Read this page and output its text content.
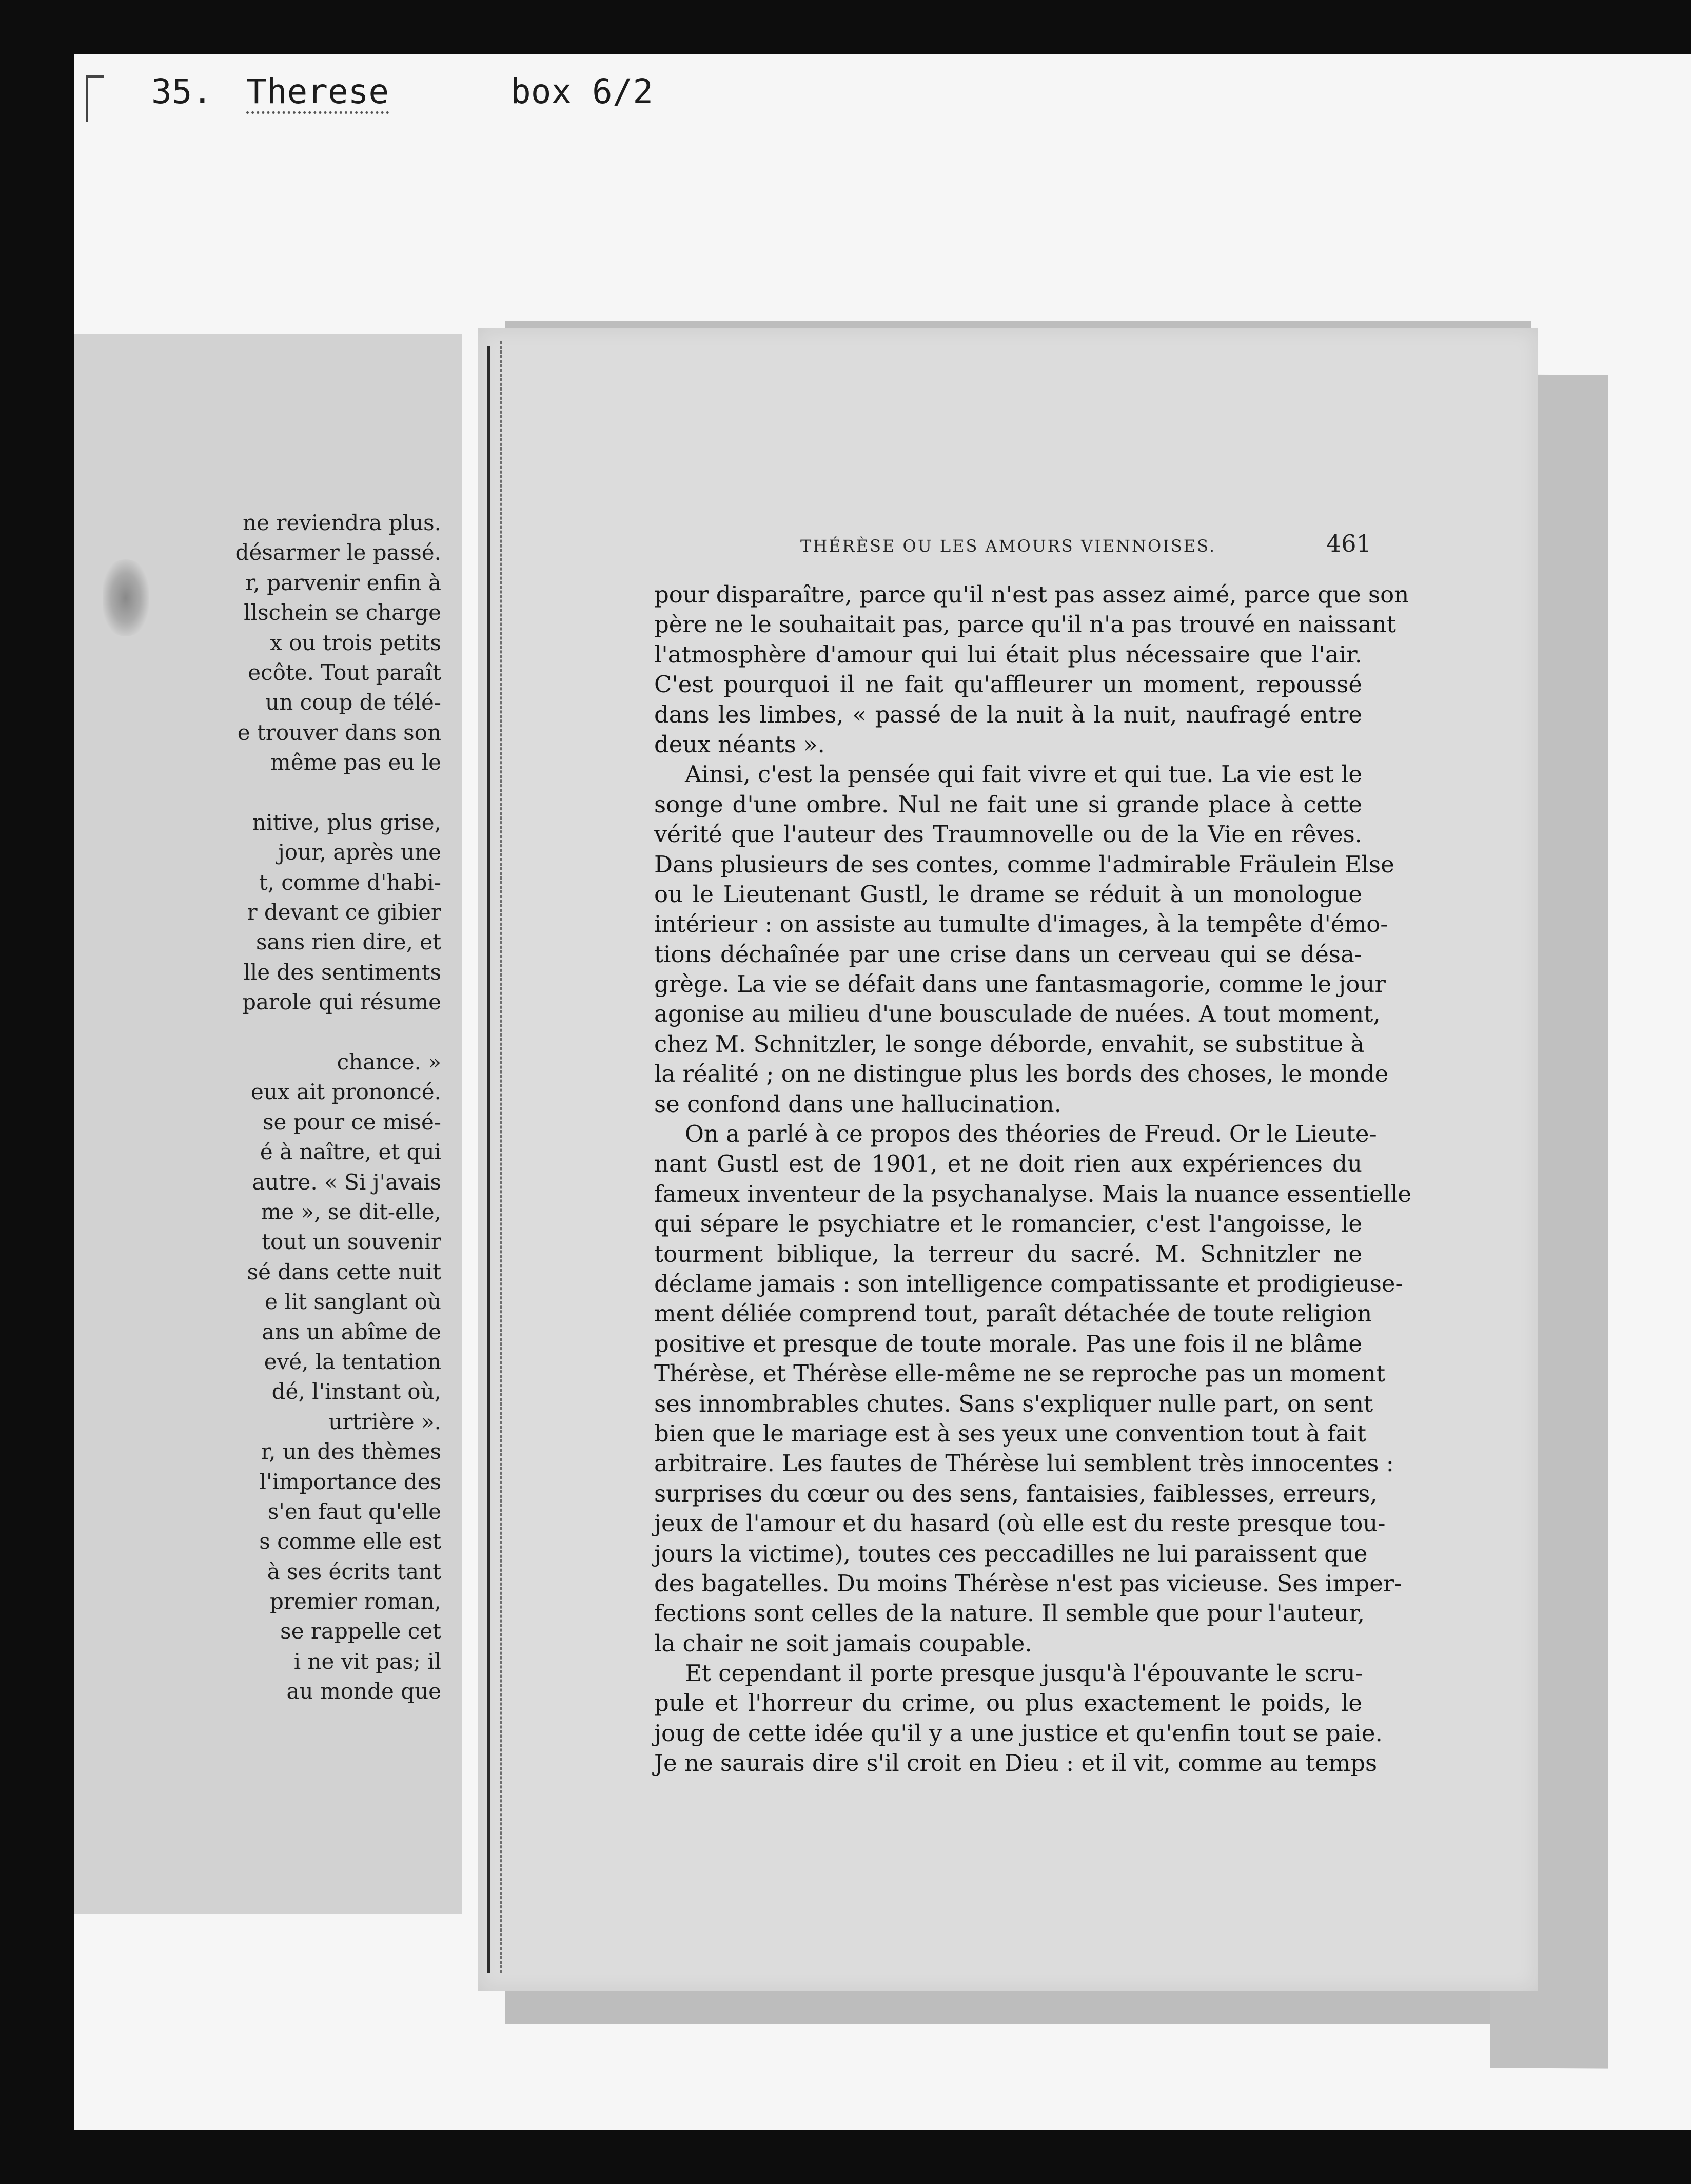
35. Therese	box 6/2
ne reviendra plus.
désarmer le passé.
r, parvenir enfin à
llschein se charge
x ou trois petits
ecôte. Tout paraît
un coup de télé-
e trouver dans son
même pas eu le
nitive, plus grise,
jour, après une
t, comme d'habi-
r devant ce gibier
sans rien dire, et
lle des sentiments
parole qui résume
chance. »
eux ait prononcé.
se pour ce misé-
é à naître, et qui
autre. « Si j'avais
me », se dit-elle,
tout un souvenir
sé dans cette nuit
e lit sanglant où
ans un abîme de
evé, la tentation
dé, l'instant où,
urtrière ».
r, un des thèmes
l'importance des
s'en faut qu'elle
s comme elle est
à ses écrits tant
premier roman,
se rappelle cet
i ne vit pas; il
au monde que
THÉRÈSE OU LES AMOURS VIENNOISES.	461
pour disparaître, parce qu'il n'est pas assez aimé, parce que son
père ne le souhaitait pas, parce qu'il n'a pas trouvé en naissant
l'atmosphère d'amour qui lui était plus nécessaire que l'air.
C'est pourquoi il ne fait qu'affleurer un moment, repoussé
dans les limbes, « passé de la nuit à la nuit, naufragé entre
deux néants ».
Ainsi, c'est la pensée qui fait vivre et qui tue. La vie est le
songe d'une ombre. Nul ne fait une si grande place à cette
vérité que l'auteur des Traumnovelle ou de la Vie en rêves.
Dans plusieurs de ses contes, comme l'admirable Fräulein Else
ou le Lieutenant Gustl, le drame se réduit à un monologue
intérieur : on assiste au tumulte d'images, à la tempête d'émo-
tions déchaînée par une crise dans un cerveau qui se désa-
grège. La vie se défait dans une fantasmagorie, comme le jour
agonise au milieu d'une bousculade de nuées. A tout moment,
chez M. Schnitzler, le songe déborde, envahit, se substitue à
la réalité ; on ne distingue plus les bords des choses, le monde
se confond dans une hallucination.
On a parlé à ce propos des théories de Freud. Or le Lieute-
nant Gustl est de 1901, et ne doit rien aux expériences du
fameux inventeur de la psychanalyse. Mais la nuance essentielle
qui sépare le psychiatre et le romancier, c'est l'angoisse, le
tourment biblique, la terreur du sacré. M. Schnitzler ne
déclame jamais : son intelligence compatissante et prodigieuse-
ment déliée comprend tout, paraît détachée de toute religion
positive et presque de toute morale. Pas une fois il ne blâme
Thérèse, et Thérèse elle-même ne se reproche pas un moment
ses innombrables chutes. Sans s'expliquer nulle part, on sent
bien que le mariage est à ses yeux une convention tout à fait
arbitraire. Les fautes de Thérèse lui semblent très innocentes :
surprises du cœur ou des sens, fantaisies, faiblesses, erreurs,
jeux de l'amour et du hasard (où elle est du reste presque tou-
jours la victime), toutes ces peccadilles ne lui paraissent que
des bagatelles. Du moins Thérèse n'est pas vicieuse. Ses imper-
fections sont celles de la nature. Il semble que pour l'auteur,
la chair ne soit jamais coupable.
Et cependant il porte presque jusqu'à l'épouvante le scru-
pule et l'horreur du crime, ou plus exactement le poids, le
joug de cette idée qu'il y a une justice et qu'enfin tout se paie.
Je ne saurais dire s'il croit en Dieu : et il vit, comme au temps
